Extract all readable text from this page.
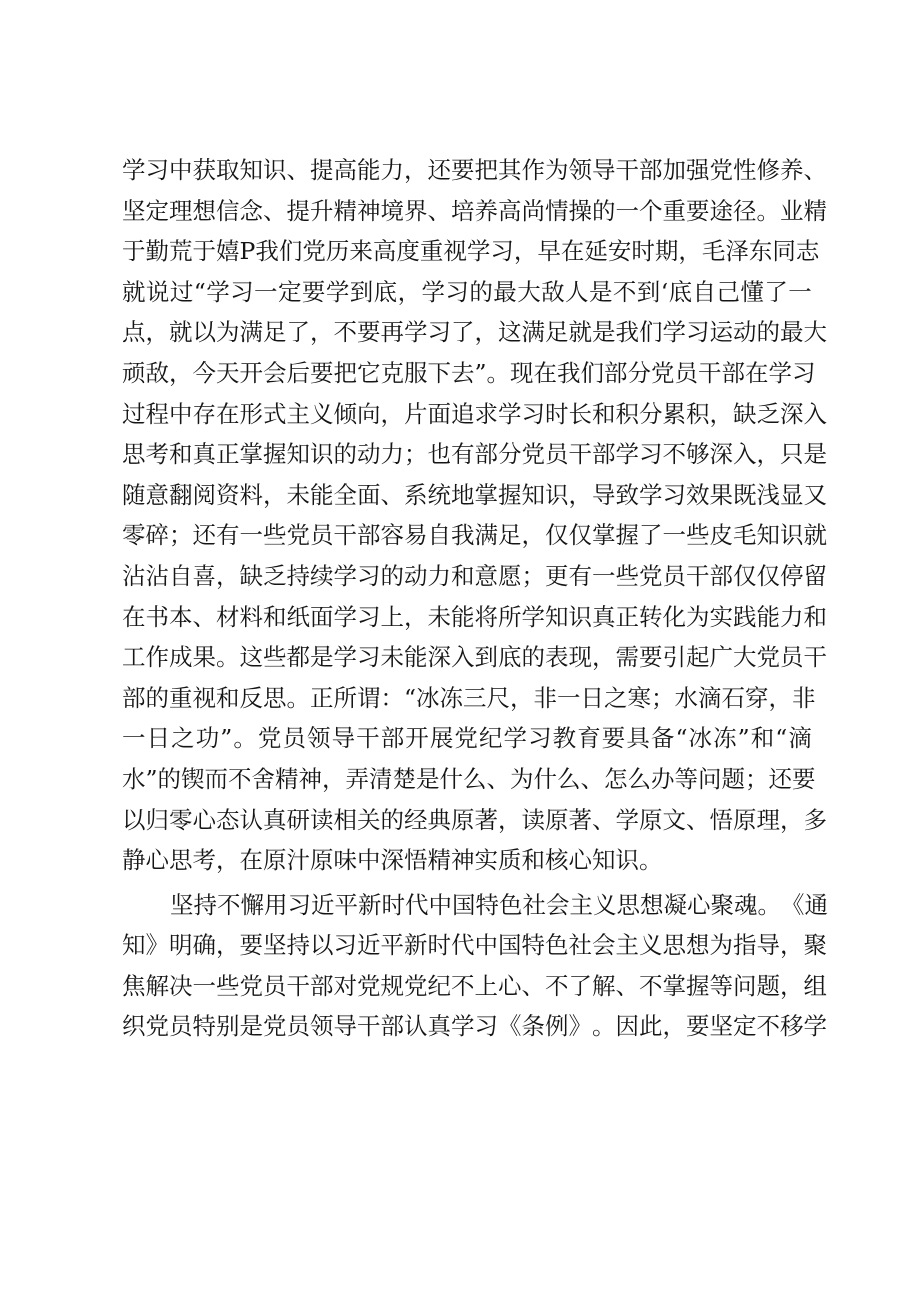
学 习 中 获 取 知 识 、 提 高 能 力 ， 还 要 把 其 作 为 领 导 干 部 加 强 党 性 修 养 、
坚 定 理 想 信 念 、 提 升 精 神 境 界 、 培 养 高 尚 情 操 的 一 个 重 要 途 径 。 业 精
于 勤 荒 于 嬉 P 我 们 党 历 来 高 度 重 视 学 习 ， 早 在 延 安 时 期 ， 毛 泽 东 同 志
就 说 过 “ 学 习 一 定 要 学 到 底 ， 学 习 的 最 大 敌 人 是 不 到 ‘ 底 自 己 懂 了 一
点 ， 就 以 为 满 足 了 ， 不 要 再 学 习 了 ， 这 满 足 就 是 我 们 学 习 运 动 的 最 大
顽 敌 ， 今 天 开 会 后 要 把 它 克 服 下 去 ” 。 现 在 我 们 部 分 党 员 干 部 在 学 习
过 程 中 存 在 形 式 主 义 倾 向 ， 片 面 追 求 学 习 时 长 和 积 分 累 积 ， 缺 乏 深 入
思 考 和 真 正 掌 握 知 识 的 动 力 ； 也 有 部 分 党 员 干 部 学 习 不 够 深 入 ， 只 是
随 意 翻 阅 资 料 ， 未 能 全 面 、 系 统 地 掌 握 知 识 ， 导 致 学 习 效 果 既 浅 显 又
零 碎 ； 还 有 一 些 党 员 干 部 容 易 自 我 满 足 ， 仅 仅 掌 握 了 一 些 皮 毛 知 识 就
沾 沾 自 喜 ， 缺 乏 持 续 学 习 的 动 力 和 意 愿 ； 更 有 一 些 党 员 干 部 仅 仅 停 留
在 书 本 、 材 料 和 纸 面 学 习 上 ， 未 能 将 所 学 知 识 真 正 转 化 为 实 践 能 力 和
工 作 成 果 。 这 些 都 是 学 习 未 能 深 入 到 底 的 表 现 ， 需 要 引 起 广 大 党 员 干
部 的 重 视 和 反 思 。 正 所 谓 ： “ 冰 冻 三 尺 ， 非 一 日 之 寒 ； 水 滴 石 穿 ， 非
一 日 之 功 ” 。 党 员 领 导 干 部 开 展 党 纪 学 习 教 育 要 具 备 “ 冰 冻 ” 和 “ 滴
水 ” 的 锲 而 不 舍 精 神 ， 弄 清 楚 是 什 么 、 为 什 么 、 怎 么 办 等 问 题 ； 还 要
以 归 零 心 态 认 真 研 读 相 关 的 经 典 原 著 ， 读 原 著 、 学 原 文 、 悟 原 理 ， 多
静心思考，在原汁原味中深悟精神实质和核心知识。
坚 持 不 懈 用 习 近 平 新 时 代 中 国 特 色 社 会 主 义 思 想 凝 心 聚 魂 。 《 通
知 》 明 确 ， 要 坚 持 以 习 近 平 新 时 代 中 国 特 色 社 会 主 义 思 想 为 指 导 ， 聚
焦 解 决 一 些 党 员 干 部 对 党 规 党 纪 不 上 心 、 不 了 解 、 不 掌 握 等 问 题 ， 组
织 党 员 特 别 是 党 员 领 导 干 部 认 真 学 习 《 条 例 》 。 因 此 ， 要 坚 定 不 移 学
